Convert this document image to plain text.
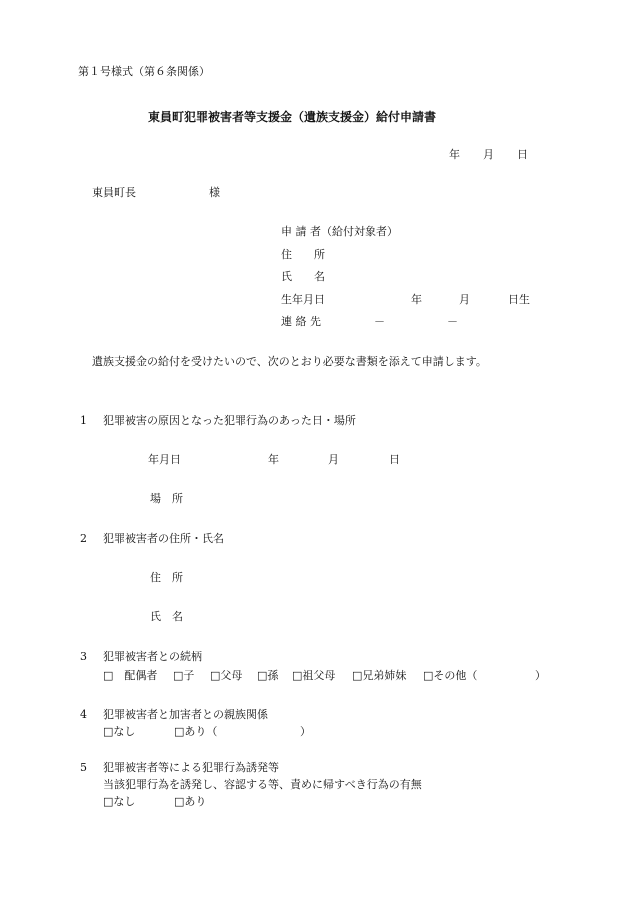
第１号様式（第６条関係）
東員町犯罪被害者等支援金（遺族支援金）給付申請書
年 月 日
東員町長	様
申 請 者（給付対象者）
住　　所
氏　　名
生年月日	年	月	日生
連 絡 先	－	－
遺族支援金の給付を受けたいので、次のとおり必要な書類を添えて申請します。
1 犯罪被害の原因となった犯罪行為のあった日・場所
年月日	年	月	日
場　所
2 犯罪被害者の住所・氏名
住　所
氏　名
3 犯罪被害者との続柄
□　配偶者 □子 □父母 □孫 □祖父母 □兄弟姉妹 □その他（	）
4 犯罪被害者と加害者との親族関係
□なし	□あり（	）
5 犯罪被害者等による犯罪行為誘発等
当該犯罪行為を誘発し、容認する等、責めに帰すべき行為の有無
□なし	□あり
